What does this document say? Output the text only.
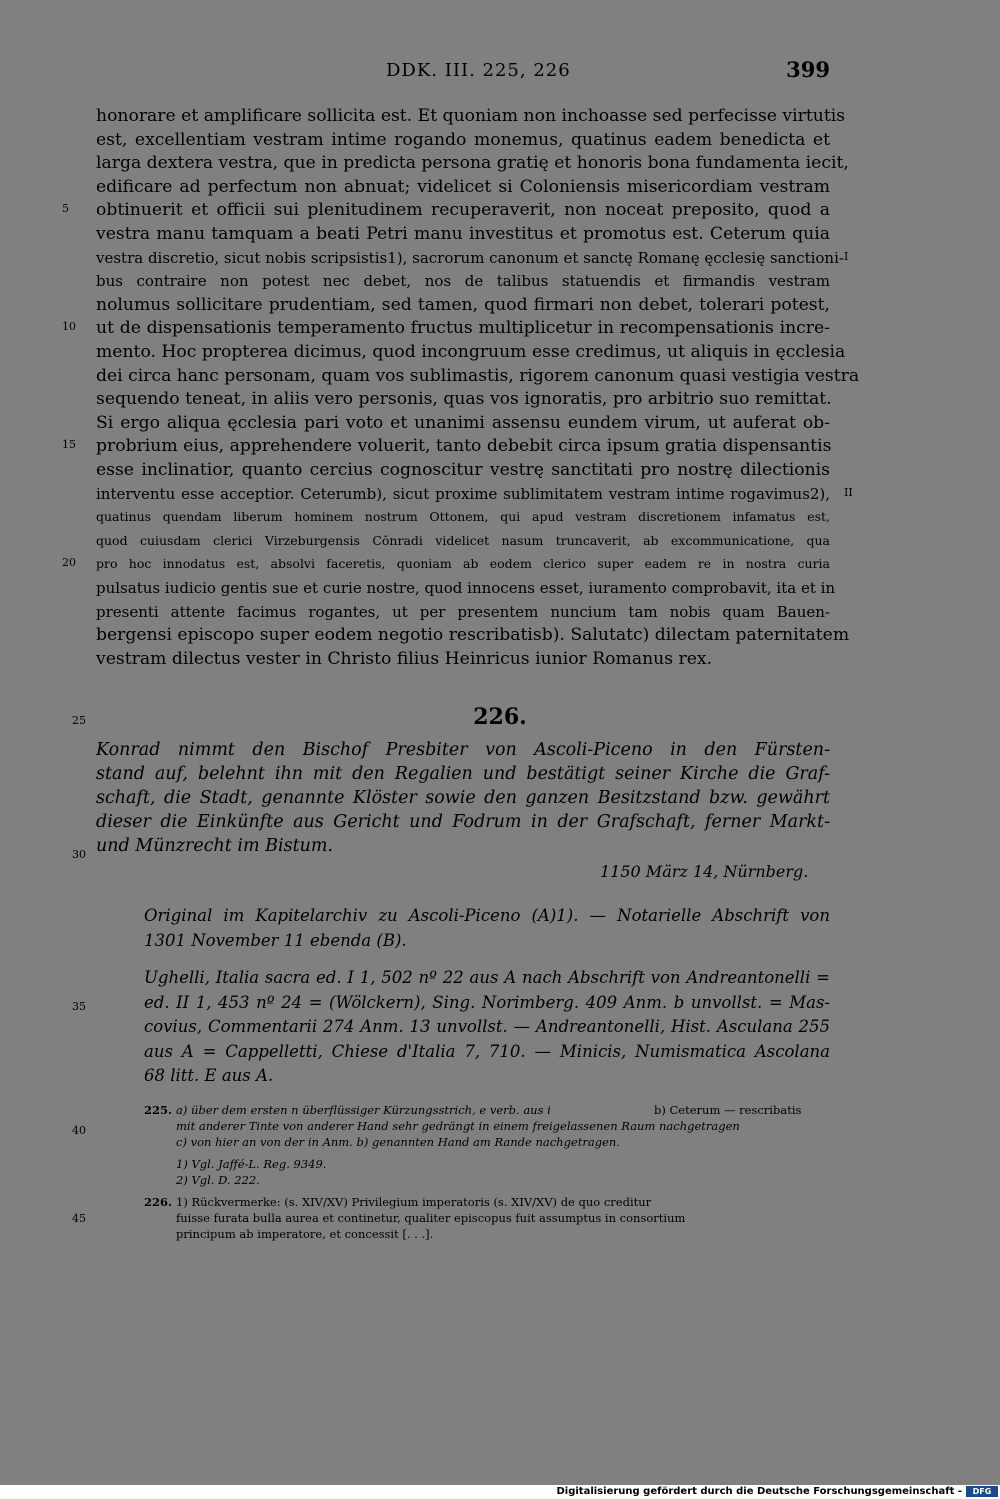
DDK. III. 225, 226	399
honorare et amplificare sollicita est. Et quoniam non inchoasse sed perfecisse virtutis
est, excellentiam vestram intime rogando monemus, quatinus eadem benedicta et
larga dextera vestra, que in predicta persona gratię et honoris bona fundamenta iecit,
edificare ad perfectum non abnuat; videlicet si Coloniensis misericordiam vestram
obtinuerit et officii sui plenitudinem recuperaverit, non noceat preposito, quod a
5
vestra manu tamquam a beati Petri manu investitus et promotus est. Ceterum quia
vestra discretio, sicut nobis scripsistis1), sacrorum canonum et sanctę Romanę ęcclesię sanctioni- I
bus contraire non potest nec debet, nos de talibus statuendis et firmandis vestram
nolumus sollicitare prudentiam, sed tamen, quod firmari non debet, tolerari potest,
ut de dispensationis temperamento fructus multiplicetur in recompensationis incre-
10
mento. Hoc propterea dicimus, quod incongruum esse credimus, ut aliquis in ęcclesia
dei circa hanc personam, quam vos sublimastis, rigorem canonum quasi vestigia vestra
sequendo teneat, in aliis vero personis, quas vos ignoratis, pro arbitrio suo remittat.
Si ergo aliqua ęcclesia pari voto et unanimi assensu eundem virum, ut auferat ob-
probrium eius, apprehendere voluerit, tanto debebit circa ipsum gratia dispensantis
15
esse inclinatior, quanto cercius cognoscitur vestrę sanctitati pro nostrę dilectionis
interventu esse acceptior. Ceterumb), sicut proxime sublimitatem vestram intime rogavimus2), II
quatinus quendam liberum hominem nostrum Ottonem, qui apud vestram discretionem infamatus est,
quod cuiusdam clerici Virzeburgensis Cŏnradi videlicet nasum truncaverit, ab excommunicatione, qua
pro hoc innodatus est, absolvi faceretis, quoniam ab eodem clerico super eadem re in nostra curia
20
pulsatus iudicio gentis sue et curie nostre, quod innocens esset, iuramento comprobavit, ita et in
presenti attente facimus rogantes, ut per presentem nuncium tam nobis quam Bauen-
bergensi episcopo super eodem negotio rescribatisb). Salutatc) dilectam paternitatem
vestram dilectus vester in Christo filius Heinricus iunior Romanus rex.
25	226.
Konrad nimmt den Bischof Presbiter von Ascoli-Piceno in den Fürsten-
stand auf, belehnt ihn mit den Regalien und bestätigt seiner Kirche die Graf-
schaft, die Stadt, genannte Klöster sowie den ganzen Besitzstand bzw. gewährt
dieser die Einkünfte aus Gericht und Fodrum in der Grafschaft, ferner Markt-
und Münzrecht im Bistum.
30
1150 März 14, Nürnberg.
Original im Kapitelarchiv zu Ascoli-Piceno (A)1). — Notarielle Abschrift von
1301 November 11 ebenda (B).
Ughelli, Italia sacra ed. I 1, 502 nº 22 aus A nach Abschrift von Andreantonelli =
ed. II 1, 453 nº 24 = (Wölckern), Sing. Norimberg. 409 Anm. b unvollst. = Mas-
covius, Commentarii 274 Anm. 13 unvollst. — Andreantonelli, Hist. Asculana 255
aus A = Cappelletti, Chiese d'Italia 7, 710. — Minicis, Numismatica Ascolana
68 litt. E aus A.
35
225. a) über dem ersten n überflüssiger Kürzungsstrich, e verb. aus i	b) Ceterum — rescribatis
mit anderer Tinte von anderer Hand sehr gedrängt in einem freigelassenen Raum nachgetragen
c) von hier an von der in Anm. b) genannten Hand am Rande nachgetragen.
1) Vgl. Jaffé-L. Reg. 9349.
2) Vgl. D. 222.
226. 1) Rückvermerke: (s. XIV/XV) Privilegium imperatoris (s. XIV/XV) de quo creditur
fuisse furata bulla aurea et continetur, qualiter episcopus fuit assumptus in consortium
principum ab imperatore, et concessit [. . .].
40
45
Digitalisierung gefördert durch die Deutsche Forschungsgemeinschaft -	DFG
